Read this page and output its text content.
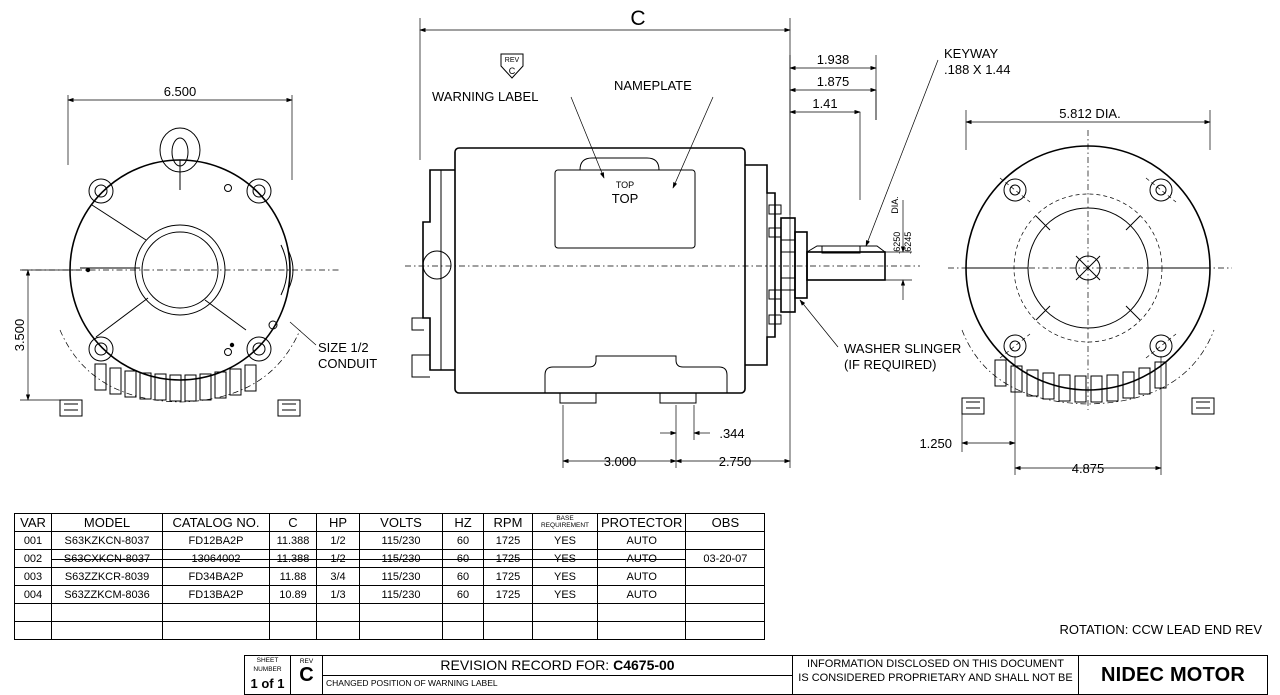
6.500
3.500	SIZE 1/2
CONDUIT
TOP
TOP
C
REV
C
WARNING LABEL
NAMEPLATE
1.938
1.875
1.41
DIA.
.6250 .6245
KEYWAY
.188 X 1.44
WASHER SLINGER
(IF REQUIRED)
.344
3.000	2.750
5.812 DIA.
1.250
4.875
VAR	MODEL	CATALOG NO.	C	HP	VOLTS	HZ	RPM	BASE
REQUIREMENT	PROTECTOR	OBS
001	S63KZKCN-8037	FD12BA2P	11.388	1/2	115/230	60	1725	YES	AUTO	
002	S63CXKCN-8037	13064002	11.388	1/2	115/230	60	1725	YES	AUTO	03-20-07
003	S63ZZKCR-8039	FD34BA2P	11.88	3/4	115/230	60	1725	YES	AUTO	
004	S63ZZKCM-8036	FD13BA2P	10.89	1/3	115/230	60	1725	YES	AUTO	

ROTATION: CCW LEAD END REV
SHEET
NUMBER
1 of 1
REV
C	REVISION RECORD FOR: C4675-00
CHANGED POSITION OF WARNING LABEL
INFORMATION DISCLOSED ON THIS DOCUMENT
IS CONSIDERED PROPRIETARY AND SHALL NOT BE	NIDEC MOTOR
